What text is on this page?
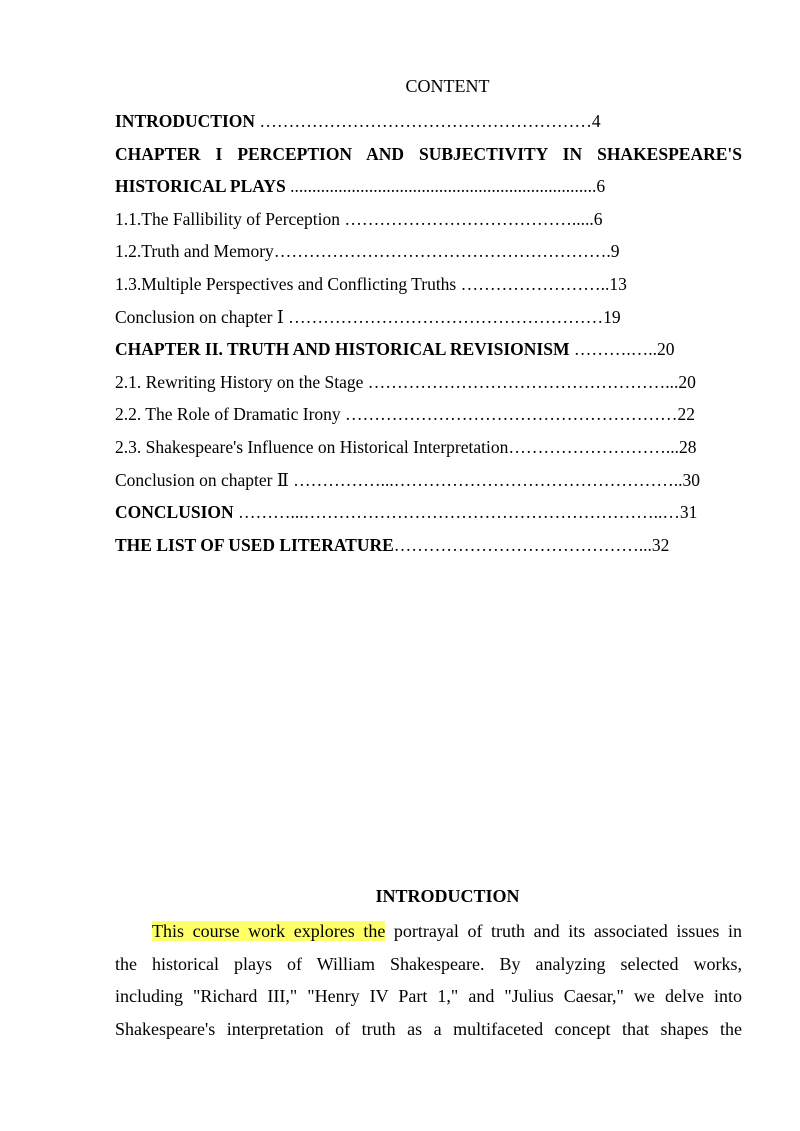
CONTENT
INTRODUCTION …………………………………………………4
CHAPTER I PERCEPTION AND SUBJECTIVITY IN SHAKESPEARE'S
HISTORICAL PLAYS ......................................................................6
1.1.The Fallibility of Perception ………………………………….....6
1.2.Truth and Memory………………………………………………….9
1.3.Multiple Perspectives and Conflicting Truths ……………………..13
Conclusion on chapter Ⅰ ………………………………………………19
CHAPTER II. TRUTH AND HISTORICAL REVISIONISM ……….…..20
2.1. Rewriting History on the Stage ……………………………………………...20
2.2. The Role of Dramatic Irony …………………………………………………22
2.3. Shakespeare's Influence on Historical Interpretation………………………...28
Conclusion on chapter Ⅱ ……………...…………………………………………..30
CONCLUSION ………...……………………………………………………..…31
THE LIST OF USED LITERATURE……………………………………...32
INTRODUCTION
This course work explores the portrayal of truth and its associated issues in
the historical plays of William Shakespeare. By analyzing selected works,
including "Richard III," "Henry IV Part 1," and "Julius Caesar," we delve into
Shakespeare's interpretation of truth as a multifaceted concept that shapes the
